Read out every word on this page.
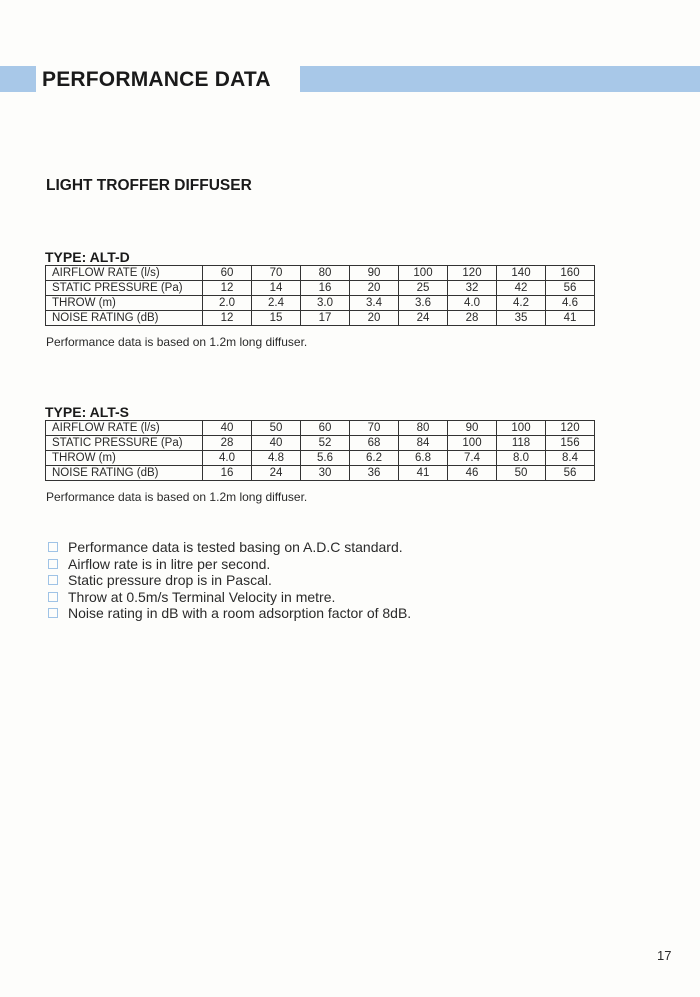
PERFORMANCE DATA
LIGHT TROFFER DIFFUSER
TYPE: ALT-D
AIRFLOW RATE (l/s)	60	70	80	90	100	120	140	160
STATIC PRESSURE (Pa)	12	14	16	20	25	32	42	56
THROW (m)	2.0	2.4	3.0	3.4	3.6	4.0	4.2	4.6
NOISE RATING (dB)	12	15	17	20	24	28	35	41
Performance data is based on 1.2m long diffuser.
TYPE: ALT-S
AIRFLOW RATE (l/s)	40	50	60	70	80	90	100	120
STATIC PRESSURE (Pa)	28	40	52	68	84	100	118	156
THROW (m)	4.0	4.8	5.6	6.2	6.8	7.4	8.0	8.4
NOISE RATING (dB)	16	24	30	36	41	46	50	56
Performance data is based on 1.2m long diffuser.
Performance data is tested basing on A.D.C standard.
Airflow rate is in litre per second.
Static pressure drop is in Pascal.
Throw at 0.5m/s Terminal Velocity in metre.
Noise rating in dB with a room adsorption factor of 8dB.
17
